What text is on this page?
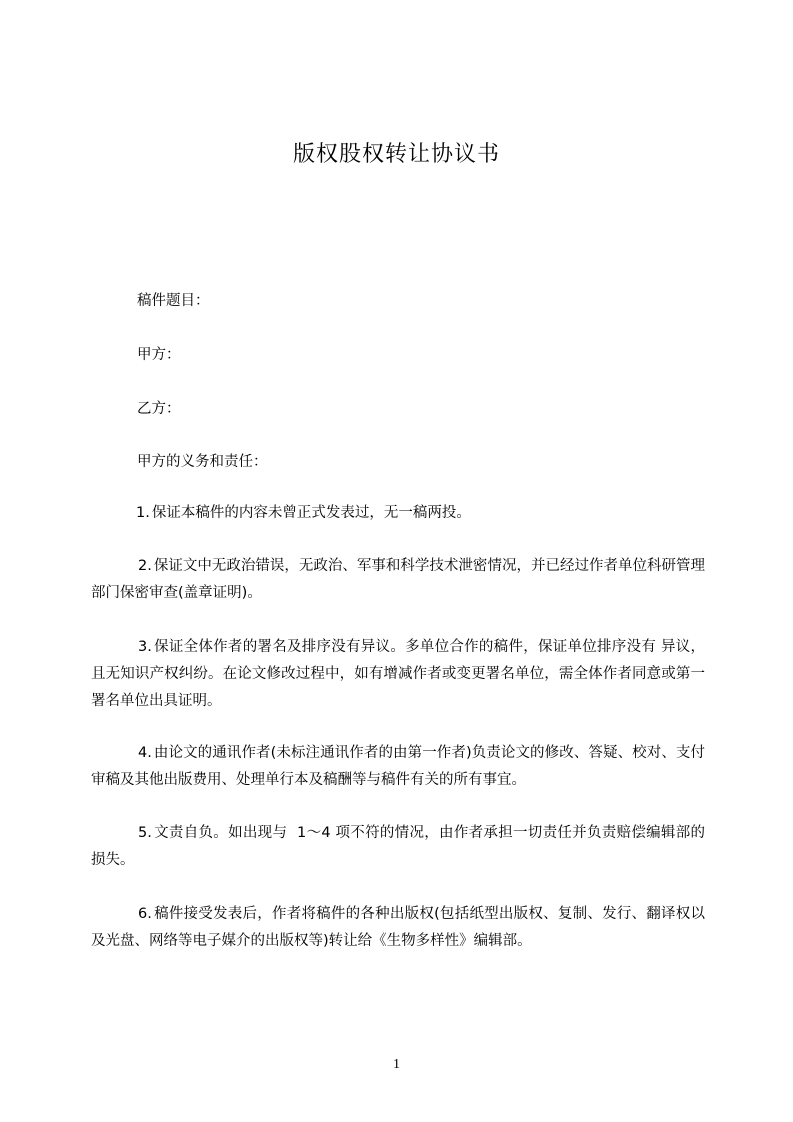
版权股权转让协议书
稿件题目：
甲方：
乙方：
甲方的义务和责任：
1. 保证本稿件的内容未曾正式发表过，无一稿两投。
2. 保证文中无政治错误，无政治、军事和科学技术泄密情况，并已经过作者单位科研管理部门保密审查(盖章证明)。
3. 保证全体作者的署名及排序没有异议。多单位合作的稿件，保证单位排序没有 异议，且无知识产权纠纷。在论文修改过程中，如有增减作者或变更署名单位，需全体作者同意或第一署名单位出具证明。
4. 由论文的通讯作者(未标注通讯作者的由第一作者)负责论文的修改、答疑、校对、支付审稿及其他出版费用、处理单行本及稿酬等与稿件有关的所有事宜。
5. 文责自负。如出现与  1～4 项不符的情况，由作者承担一切责任并负责赔偿编辑部的损失。
6. 稿件接受发表后，作者将稿件的各种出版权(包括纸型出版权、复制、发行、翻译权以及光盘、网络等电子媒介的出版权等)转让给《生物多样性》编辑部。
1
